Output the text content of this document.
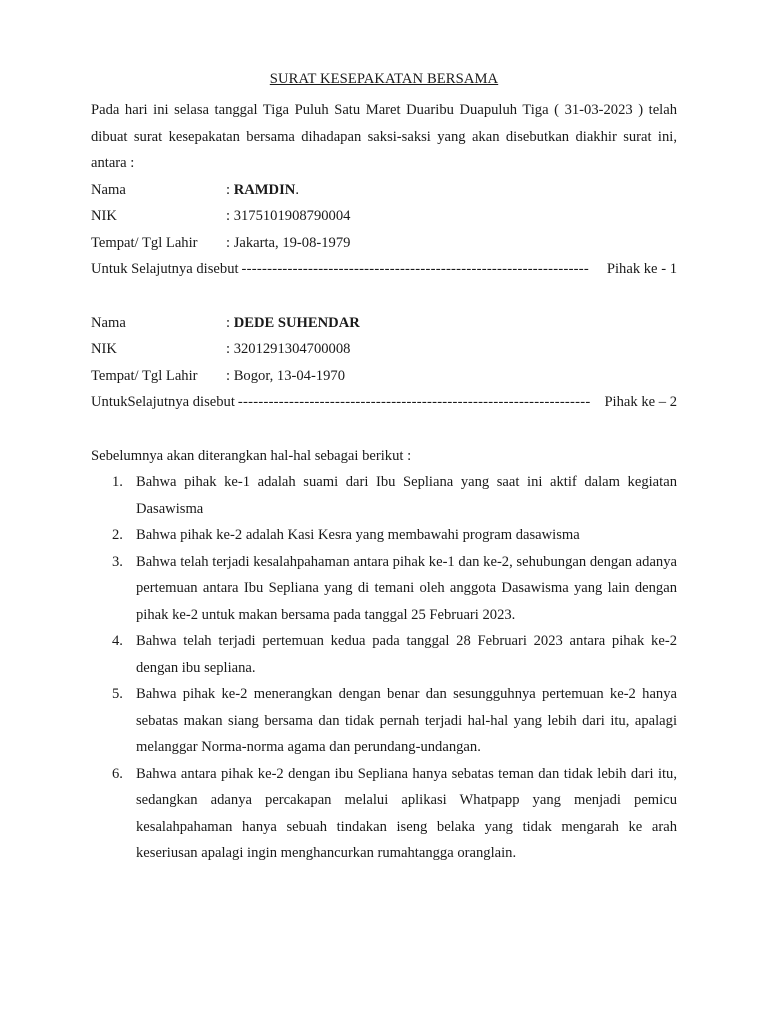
SURAT KESEPAKATAN BERSAMA

Pada hari ini selasa tanggal Tiga Puluh Satu Maret Duaribu Duapuluh Tiga ( 31-03-2023 ) telah dibuat surat kesepakatan bersama dihadapan saksi-saksi yang akan disebutkan diakhir surat ini, antara :

Nama	: RAMDIN.
NIK	: 3175101908790004
Tempat/ Tgl Lahir	: Jakarta, 19-08-1979
Untuk Selajutnya disebut --------------------------------------------------------------------	Pihak ke - 1
Nama	: DEDE SUHENDAR
NIK	: 3201291304700008
Tempat/ Tgl Lahir	: Bogor, 13-04-1970
UntukSelajutnya disebut --------------------------------------------------------------------- Pihak ke – 2

Sebelumnya akan diterangkan hal-hal sebagai berikut :

1. Bahwa pihak ke-1 adalah suami dari Ibu Sepliana yang saat ini aktif dalam kegiatan Dasawisma
2. Bahwa pihak ke-2 adalah Kasi Kesra yang membawahi program dasawisma
3. Bahwa telah terjadi kesalahpahaman antara pihak ke-1 dan ke-2, sehubungan dengan adanya pertemuan antara Ibu Sepliana yang di temani oleh anggota Dasawisma yang lain dengan pihak ke-2 untuk makan bersama pada tanggal 25 Februari 2023.
4. Bahwa telah terjadi pertemuan kedua pada tanggal 28 Februari 2023 antara pihak ke-2 dengan ibu sepliana.
5. Bahwa pihak ke-2 menerangkan dengan benar dan sesungguhnya pertemuan ke-2 hanya sebatas makan siang bersama dan tidak pernah terjadi hal-hal yang lebih dari itu, apalagi melanggar Norma-norma agama dan perundang-undangan.
6. Bahwa antara pihak ke-2 dengan ibu Sepliana hanya sebatas teman dan tidak lebih dari itu, sedangkan adanya percakapan melalui aplikasi Whatpapp yang menjadi pemicu kesalahpahaman hanya sebuah tindakan iseng belaka yang tidak mengarah ke arah keseriusan apalagi ingin menghancurkan rumahtangga oranglain.
